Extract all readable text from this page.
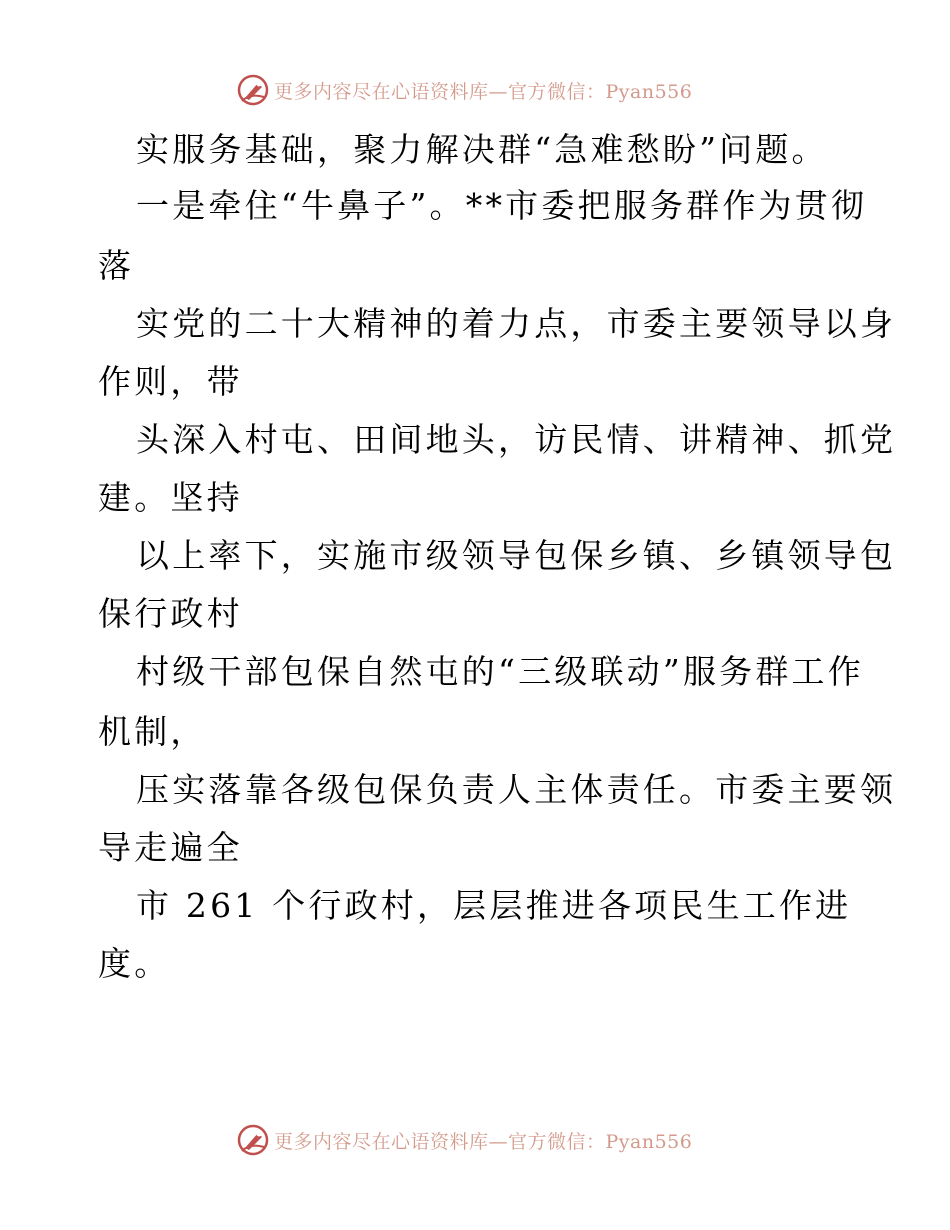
更多内容尽在心语资料库—官方微信：Pyan556
实服务基础，聚力解决群“急难愁盼”问题。
一是牵住“牛鼻子”。**市委把服务群作为贯彻
落
实党的二十大精神的着力点，市委主要领导以身
作则，带
头深入村屯、田间地头，访民情、讲精神、抓党
建。坚持
以上率下，实施市级领导包保乡镇、乡镇领导包
保行政村
村级干部包保自然屯的“三级联动”服务群工作
机制，
压实落靠各级包保负责人主体责任。市委主要领
导走遍全
市 261 个行政村，层层推进各项民生工作进
度。
更多内容尽在心语资料库—官方微信：Pyan556
